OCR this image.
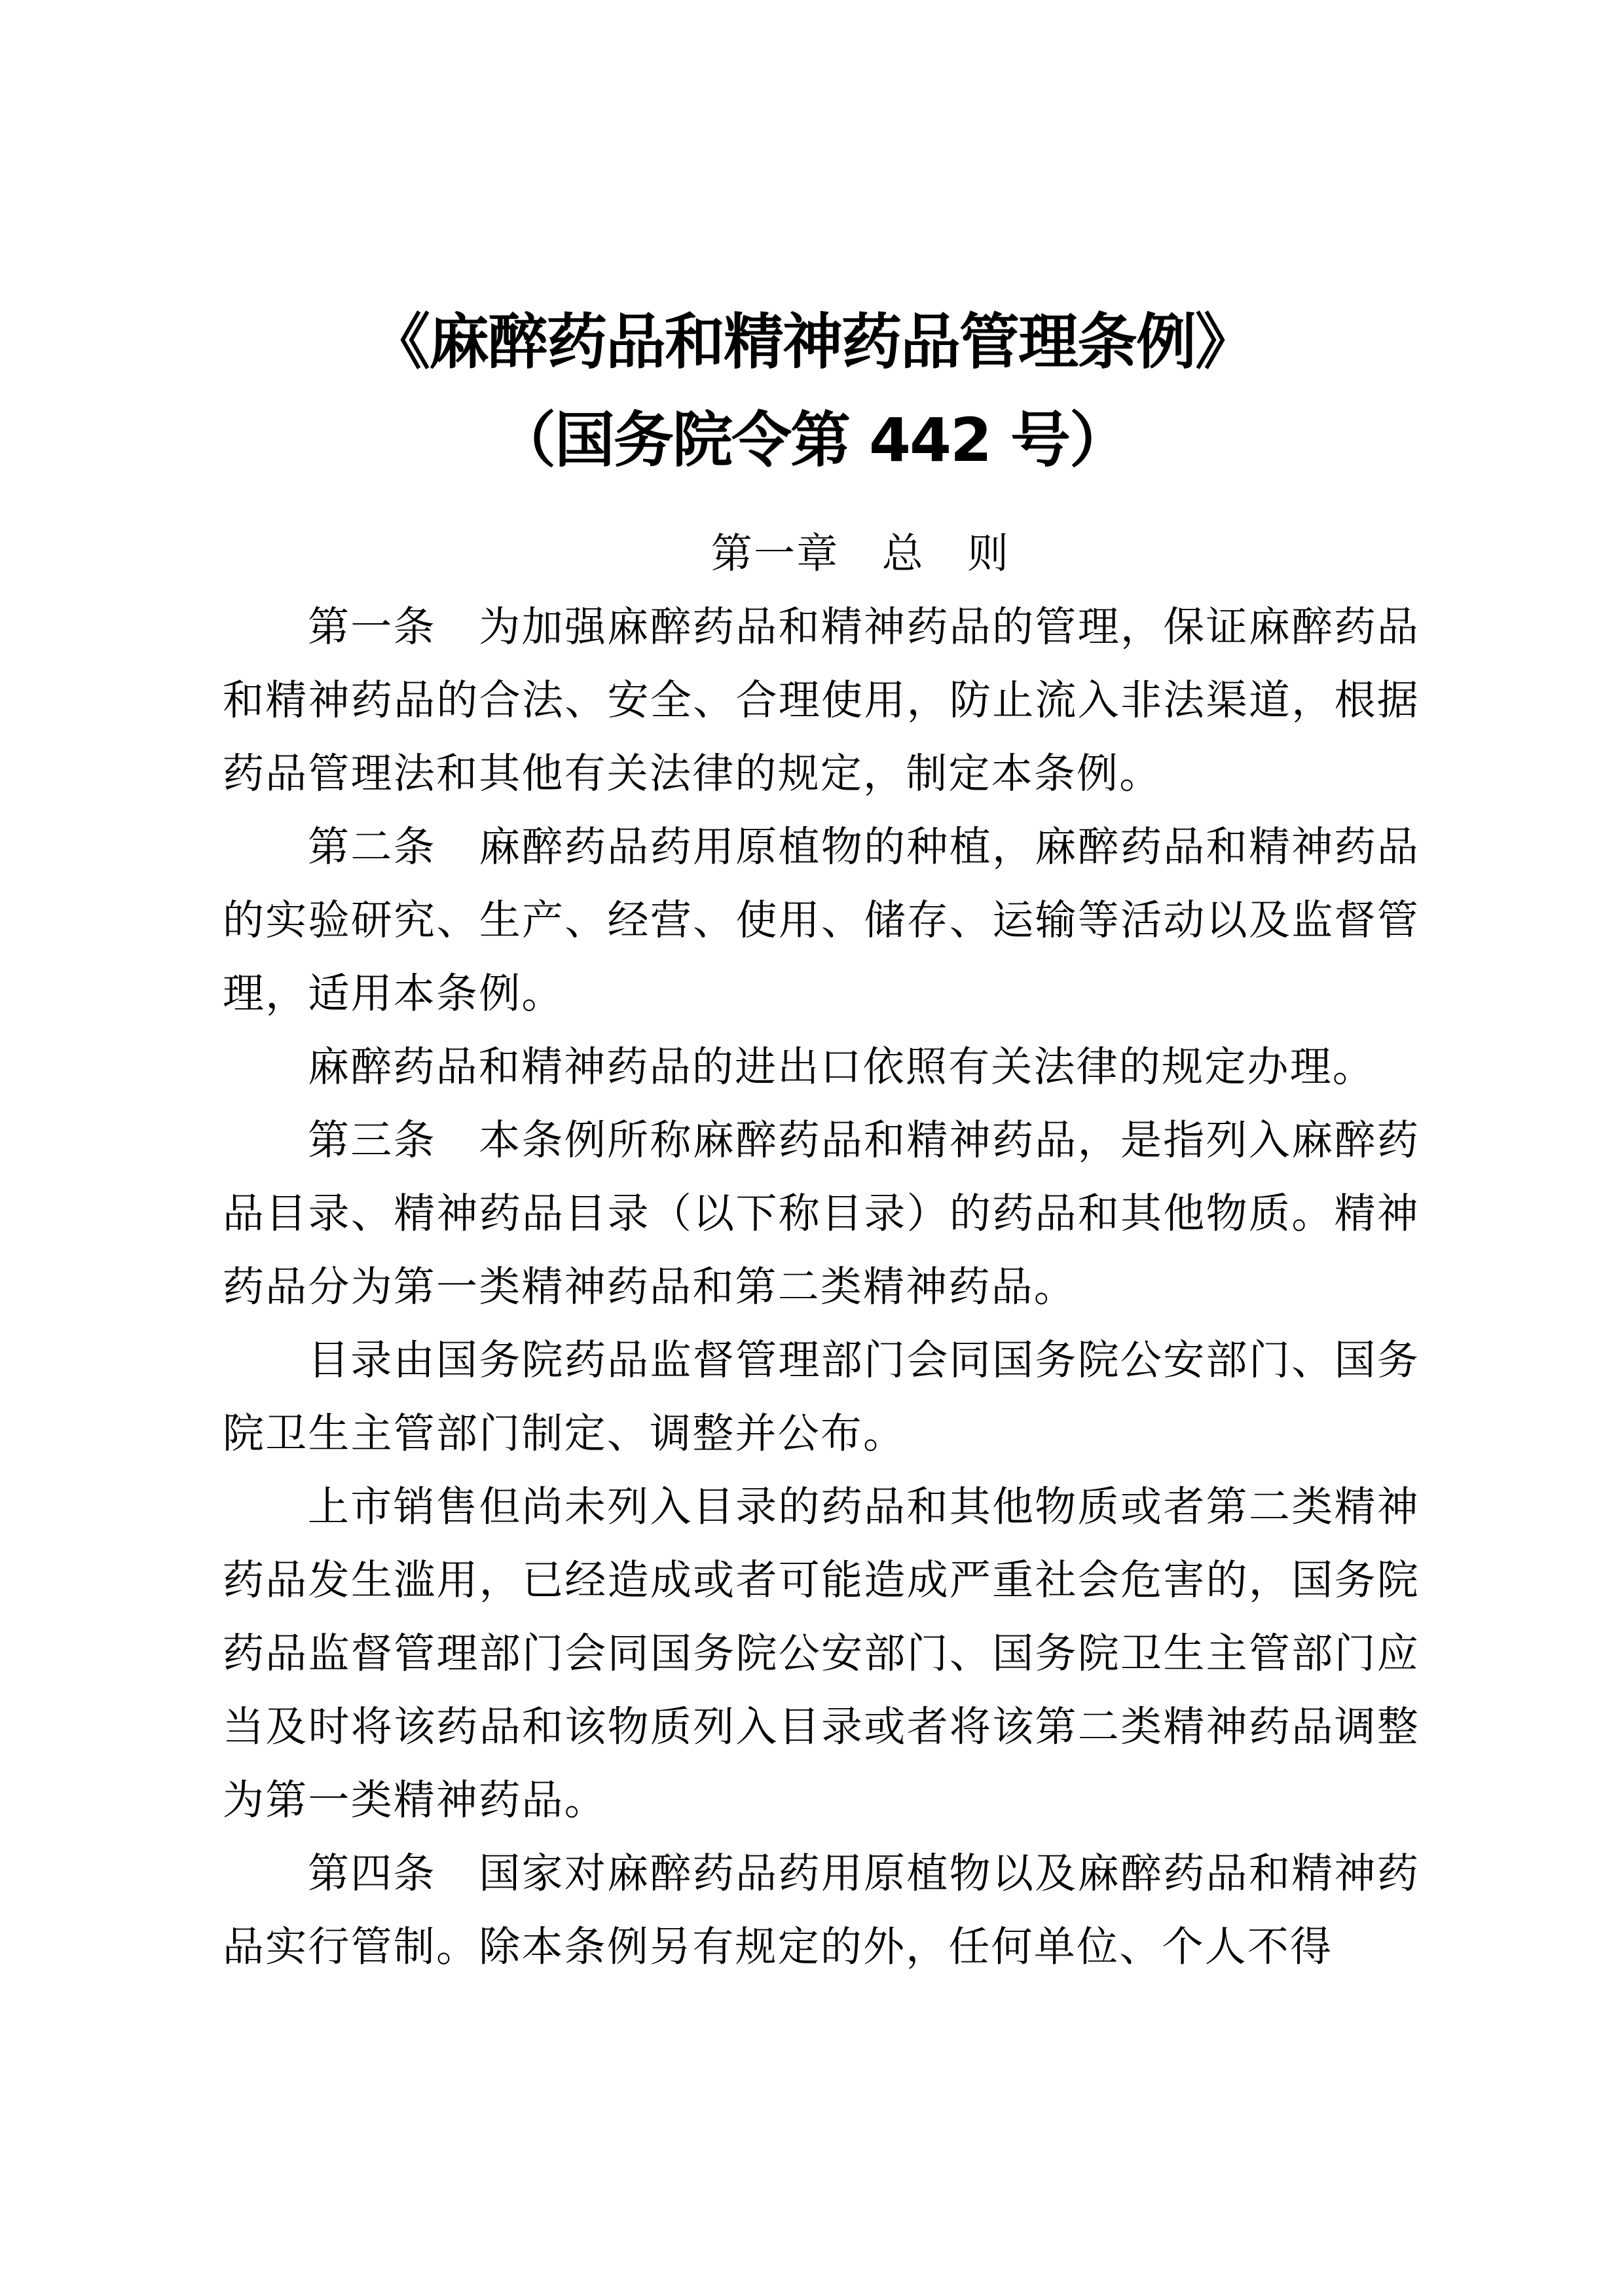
《麻醉药品和精神药品管理条例》
（国务院令第 442 号）

第一章　总　则

第一条　为加强麻醉药品和精神药品的管理，保证麻醉药品和精神药品的合法、安全、合理使用，防止流入非法渠道，根据药品管理法和其他有关法律的规定，制定本条例。

第二条　麻醉药品药用原植物的种植，麻醉药品和精神药品的实验研究、生产、经营、使用、储存、运输等活动以及监督管理，适用本条例。

麻醉药品和精神药品的进出口依照有关法律的规定办理。

第三条　本条例所称麻醉药品和精神药品，是指列入麻醉药品目录、精神药品目录（以下称目录）的药品和其他物质。精神药品分为第一类精神药品和第二类精神药品。

目录由国务院药品监督管理部门会同国务院公安部门、国务院卫生主管部门制定、调整并公布。

上市销售但尚未列入目录的药品和其他物质或者第二类精神药品发生滥用，已经造成或者可能造成严重社会危害的，国务院药品监督管理部门会同国务院公安部门、国务院卫生主管部门应当及时将该药品和该物质列入目录或者将该第二类精神药品调整为第一类精神药品。

第四条　国家对麻醉药品药用原植物以及麻醉药品和精神药品实行管制。除本条例另有规定的外，任何单位、个人不得
